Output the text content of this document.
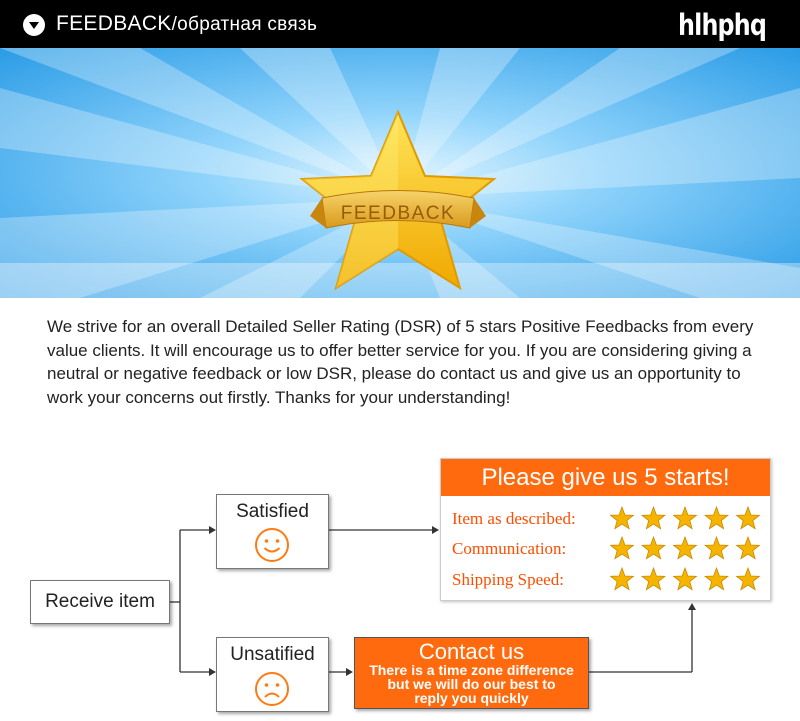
FEEDBACK/обратная связь	hlhphq
FEEDBACK
We strive for an overall Detailed Seller Rating (DSR) of 5 stars Positive Feedbacks from every value clients. It will encourage us to offer better service for you. If you are considering giving a neutral or negative feedback or low DSR, please do contact us and give us an opportunity to work your concerns out firstly. Thanks for your understanding!
Receive item
Satisfied
Unsatified
Please give us 5 starts!
Item as described:
Communication:
Shipping Speed:
Contact us
There is a time zone difference
but we will do our best to
reply you quickly
